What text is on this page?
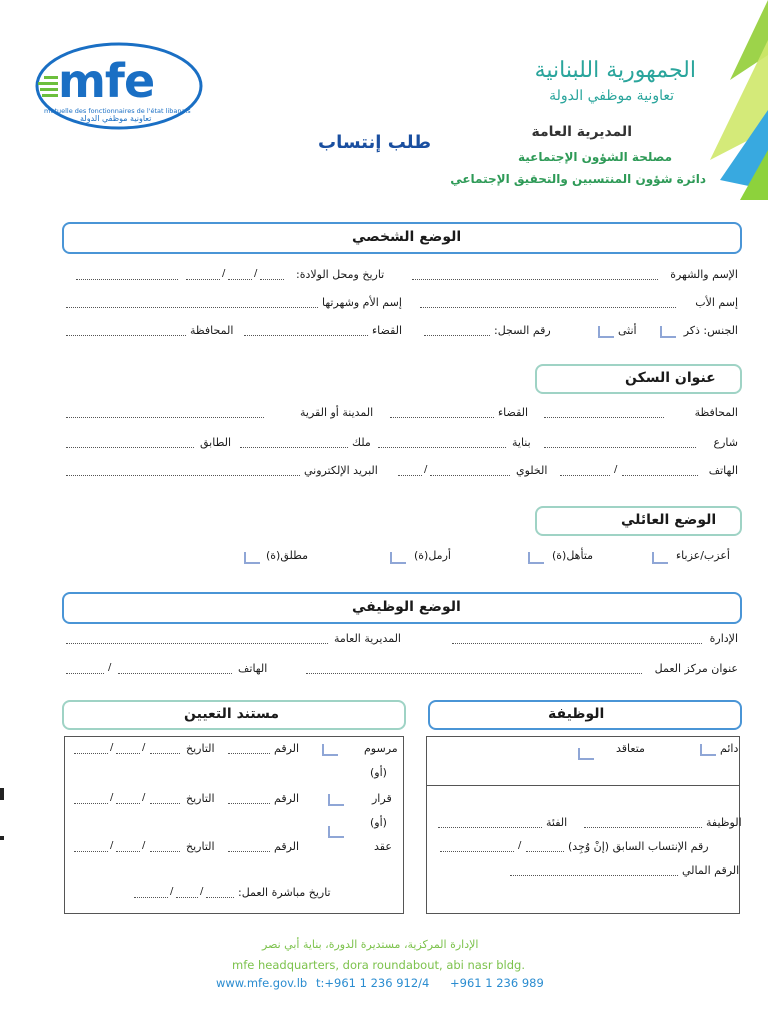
mfe
mutuelle des fonctionnaires de l'état libanais
تعاونية موظفي الدولة
الجمهورية اللبنانية
تعاونية موظفي الدولة
المديرية العامة
مصلحة الشؤون الإجتماعية
دائرة شؤون المنتسبين والتحقيق الإجتماعي
طلب إنتساب
الوضع الشخصي
الإسم والشهرة
تاريخ ومحل الولادة:
/	/
إسم الأب
إسم الأم وشهرتها
الجنس: ذكر
أنثى
رقم السجل:
القضاء
المحافظة
عنوان السكن
المحافظة
القضاء
المدينة أو القرية
شارع
بناية
ملك
الطابق
الهاتف
/
الخلوي
/
البريد الإلكتروني
الوضع العائلي
أعزب/عزباء
متأهل(ة)
أرمل(ة)
مطلق(ة)
الوضع الوظيفي
الإدارة
المديرية العامة
عنوان مركز العمل
الهاتف
/
الوظيفة
دائم
متعاقد
الوظيفة
الفئة
رقم الإنتساب السابق (إنْ وُجِد)
/
الرقم المالي
مستند التعيين
مرسوم
الرقم
التاريخ
/
/
(أو)
قرار
الرقم
التاريخ
/
/
(أو)
عقد
الرقم
التاريخ
/
/
تاريخ مباشرة العمل:
/
/
الإدارة المركزية، مستديرة الدورة، بناية أبي نصر
mfe headquarters, dora roundabout, abi nasr bldg.
www.mfe.gov.lb t:+961 1 236 912/4 +961 1 236 989
